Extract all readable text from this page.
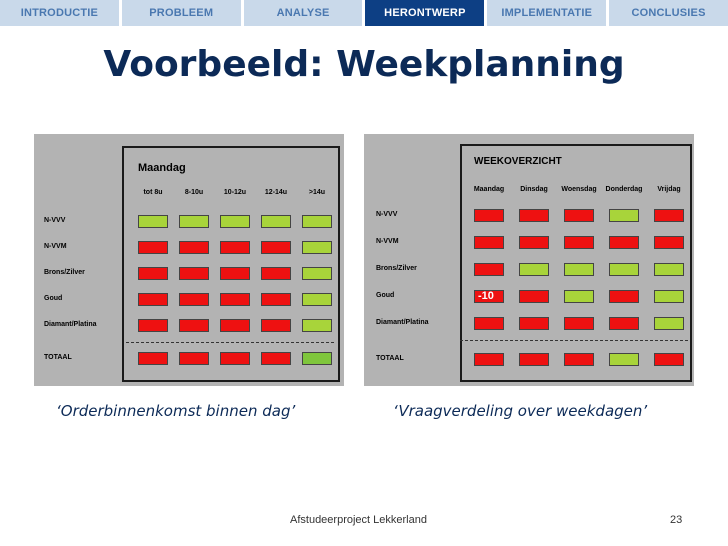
INTRODUCTIE	PROBLEEM	ANALYSE	HERONTWERP	IMPLEMENTATIE	CONCLUSIES
Voorbeeld: Weekplanning
Maandag
tot 8u	8-10u	10-12u	12-14u	>14u
N-VVV
N-VVM
Brons/Zilver
Goud
Diamant/Platina
TOTAAL
WEEKOVERZICHT
Maandag	Dinsdag	Woensdag	Donderdag	Vrijdag
N-VVV
N-VVM
Brons/Zilver
Goud	-10
Diamant/Platina
TOTAAL
‘Orderbinnenkomst binnen dag’	‘Vraagverdeling over weekdagen’
Afstudeerproject Lekkerland	23
